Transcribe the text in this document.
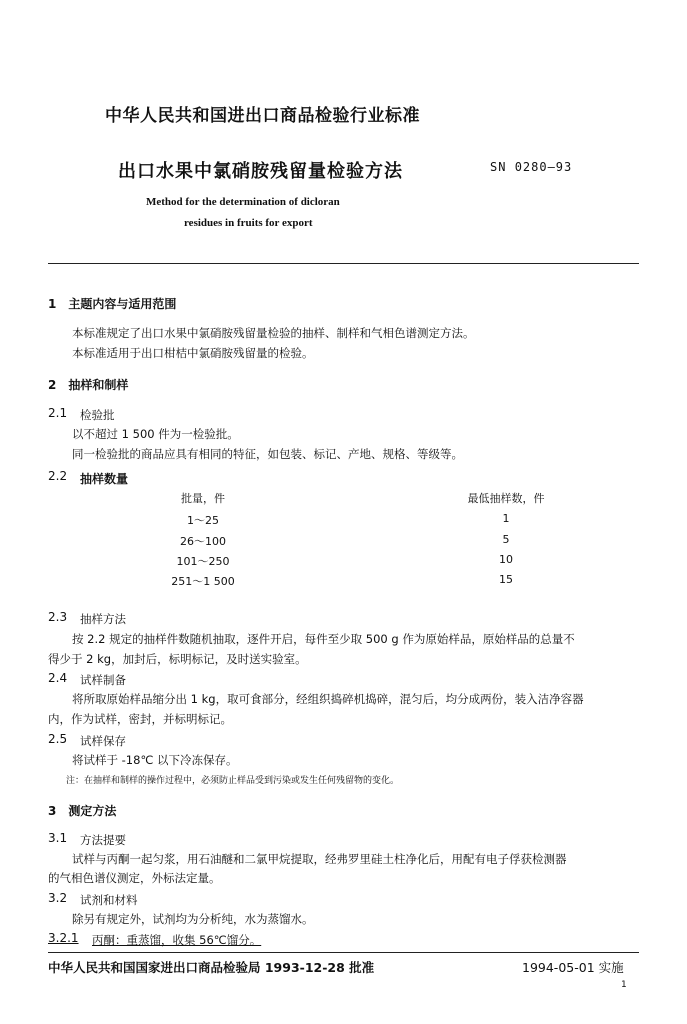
中华人民共和国进出口商品检验行业标准
出口水果中氯硝胺残留量检验方法	SN 0280—93
Method for the determination of dicloran
residues in fruits for export
1　主题内容与适用范围
本标准规定了出口水果中氯硝胺残留量检验的抽样、制样和气相色谱测定方法。
本标准适用于出口柑桔中氯硝胺残留量的检验。
2　抽样和制样
2.1 检验批
以不超过 1 500 件为一检验批。
同一检验批的商品应具有相同的特征，如包装、标记、产地、规格、等级等。
2.2 抽样数量
批量，件	最低抽样数，件
1～25	1
26～100	5
101～250	10
251～1 500	15
2.3 抽样方法
按 2.2 规定的抽样件数随机抽取，逐件开启，每件至少取 500 g 作为原始样品，原始样品的总量不
得少于 2 kg，加封后，标明标记，及时送实验室。
2.4 试样制备
将所取原始样品缩分出 1 kg，取可食部分，经组织捣碎机捣碎，混匀后，均分成两份，装入洁净容器
内，作为试样，密封，并标明标记。
2.5 试样保存
将试样于 -18℃ 以下冷冻保存。
注：在抽样和制样的操作过程中，必须防止样品受到污染或发生任何残留物的变化。
3　测定方法
3.1 方法提要
试样与丙酮一起匀浆，用石油醚和二氯甲烷提取，经弗罗里硅土柱净化后，用配有电子俘获检测器
的气相色谱仪测定，外标法定量。
3.2 试剂和材料
除另有规定外，试剂均为分析纯，水为蒸馏水。
3.2.1 丙酮：重蒸馏，收集 56℃馏分。
中华人民共和国国家进出口商品检验局 1993-12-28 批准	1994-05-01 实施
1
